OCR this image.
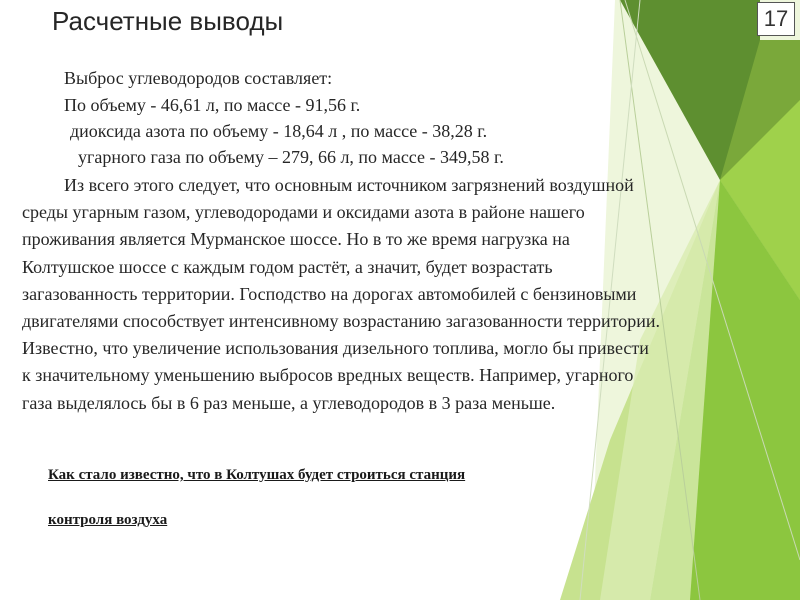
Расчетные выводы	17
Выброс углеводородов составляет:
По объему - 46,61 л, по массе - 91,56 г.
диоксида азота по объему - 18,64 л , по массе - 38,28 г.
угарного газа по объему – 279, 66 л, по массе - 349,58 г.

Из всего этого следует, что основным источником загрязнений воздушной среды угарным газом, углеводородами и оксидами азота в районе нашего проживания является Мурманское шоссе. Но в то же время нагрузка на Колтушское шоссе с каждым годом растёт, а значит, будет возрастать загазованность территории. Господство на дорогах автомобилей с бензиновыми двигателями способствует интенсивному возрастанию загазованности территории. Известно, что увеличение использования дизельного топлива, могло бы привести к значительному уменьшению выбросов вредных веществ. Например, угарного газа выделялось бы в 6 раз меньше, а углеводородов в 3 раза меньше.

Как стало известно, что в Колтушах будет строиться станция
контроля воздуха
